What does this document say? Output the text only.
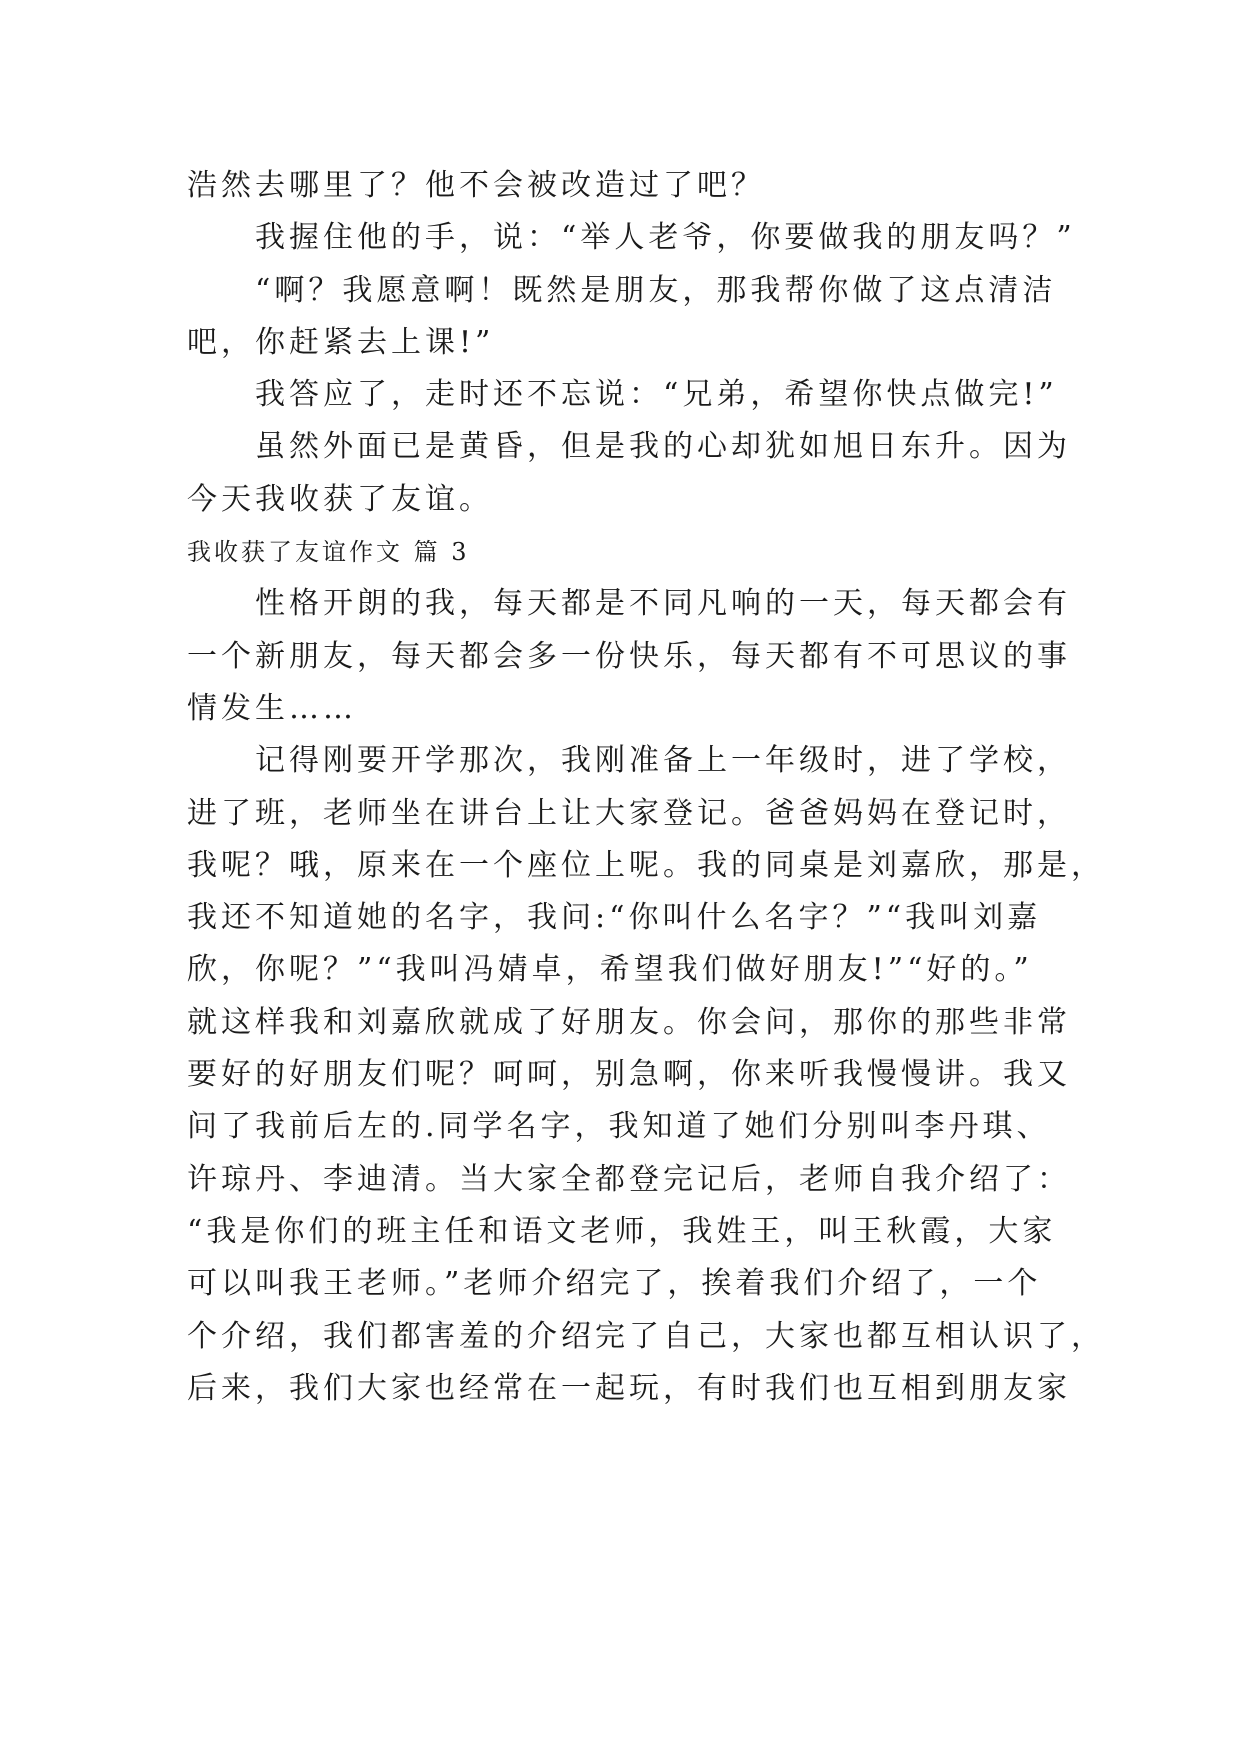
浩然去哪里了？他不会被改造过了吧？
我握住他的手，说：“举人老爷，你要做我的朋友吗？”
“啊？我愿意啊！既然是朋友，那我帮你做了这点清洁
吧，你赶紧去上课!”
我答应了，走时还不忘说：“兄弟，希望你快点做完!”
虽然外面已是黄昏，但是我的心却犹如旭日东升。因为
今天我收获了友谊。
我收获了友谊作文 篇 3
性格开朗的我，每天都是不同凡响的一天，每天都会有
一个新朋友，每天都会多一份快乐，每天都有不可思议的事
情发生……
记得刚要开学那次，我刚准备上一年级时，进了学校，
进了班，老师坐在讲台上让大家登记。爸爸妈妈在登记时，
我呢？哦，原来在一个座位上呢。我的同桌是刘嘉欣，那是，
我还不知道她的名字，我问:“你叫什么名字？”“我叫刘嘉
欣，你呢？”“我叫冯婧卓，希望我们做好朋友!”“好的。”
就这样我和刘嘉欣就成了好朋友。你会问，那你的那些非常
要好的好朋友们呢？呵呵，别急啊，你来听我慢慢讲。我又
问了我前后左的.同学名字，我知道了她们分别叫李丹琪、
许琼丹、李迪清。当大家全都登完记后，老师自我介绍了：
“我是你们的班主任和语文老师，我姓王，叫王秋霞，大家
可以叫我王老师。”老师介绍完了，挨着我们介绍了，一个
个介绍，我们都害羞的介绍完了自己，大家也都互相认识了，
后来，我们大家也经常在一起玩，有时我们也互相到朋友家
